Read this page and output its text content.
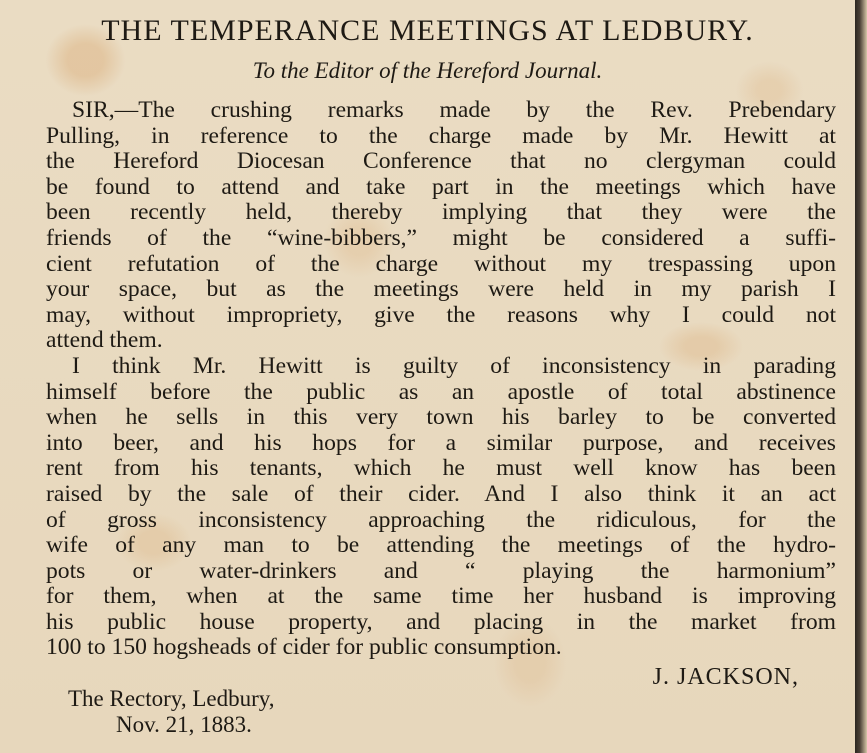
THE TEMPERANCE MEETINGS AT LEDBURY.
To the Editor of the Hereford Journal.
SIR,—The crushing remarks made by the Rev. Prebendary
Pulling, in reference to the charge made by Mr. Hewitt at
the Hereford Diocesan Conference that no clergyman could
be found to attend and take part in the meetings which have
been recently held, thereby implying that they were the
friends of the “wine-bibbers,” might be considered a suffi-
cient refutation of the charge without my trespassing upon
your space, but as the meetings were held in my parish I
may, without impropriety, give the reasons why I could not
attend them.
I think Mr. Hewitt is guilty of inconsistency in parading
himself before the public as an apostle of total abstinence
when he sells in this very town his barley to be converted
into beer, and his hops for a similar purpose, and receives
rent from his tenants, which he must well know has been
raised by the sale of their cider. And I also think it an act
of gross inconsistency approaching the ridiculous, for the
wife of any man to be attending the meetings of the hydro-
pots or water-drinkers and “ playing the harmonium”
for them, when at the same time her husband is improving
his public house property, and placing in the market from
100 to 150 hogsheads of cider for public consumption.
J. JACKSON,
The Rectory, Ledbury,
Nov. 21, 1883.
